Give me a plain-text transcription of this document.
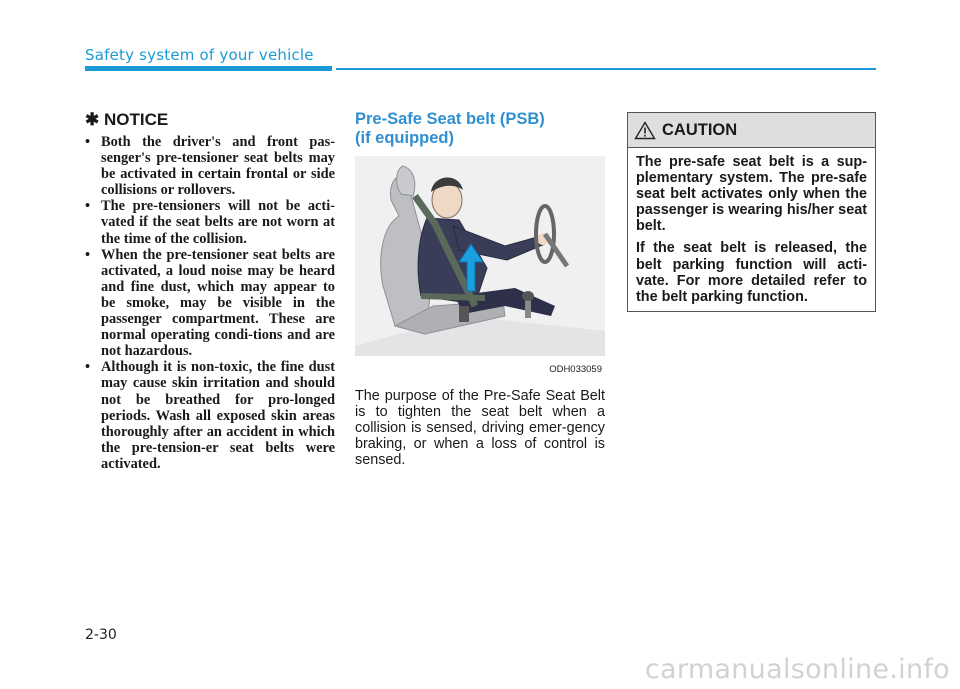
Safety system of your vehicle
✱ NOTICE
• Both the driver's and front pas-senger's pre-tensioner seat belts may be activated in certain frontal or side collisions or rollovers.
• The pre-tensioners will not be acti-vated if the seat belts are not worn at the time of the collision.
• When the pre-tensioner seat belts are activated, a loud noise may be heard and fine dust, which may appear to be smoke, may be visible in the passenger compartment. These are normal operating condi-tions and are not hazardous.
• Although it is non-toxic, the fine dust may cause skin irritation and should not be breathed for pro-longed periods. Wash all exposed skin areas thoroughly after an accident in which the pre-tension-er seat belts were activated.
Pre-Safe Seat belt (PSB)
(if equipped)
ODH033059

The purpose of the Pre-Safe Seat Belt is to tighten the seat belt when a collision is sensed, driving emer-gency braking, or when a loss of control is sensed.

CAUTION

The pre-safe seat belt is a sup-plementary system. The pre-safe seat belt activates only when the passenger is wearing his/her seat belt.

If the seat belt is released, the belt parking function will acti-vate. For more detailed refer to the belt parking function.

2-30
carmanualsonline.info
